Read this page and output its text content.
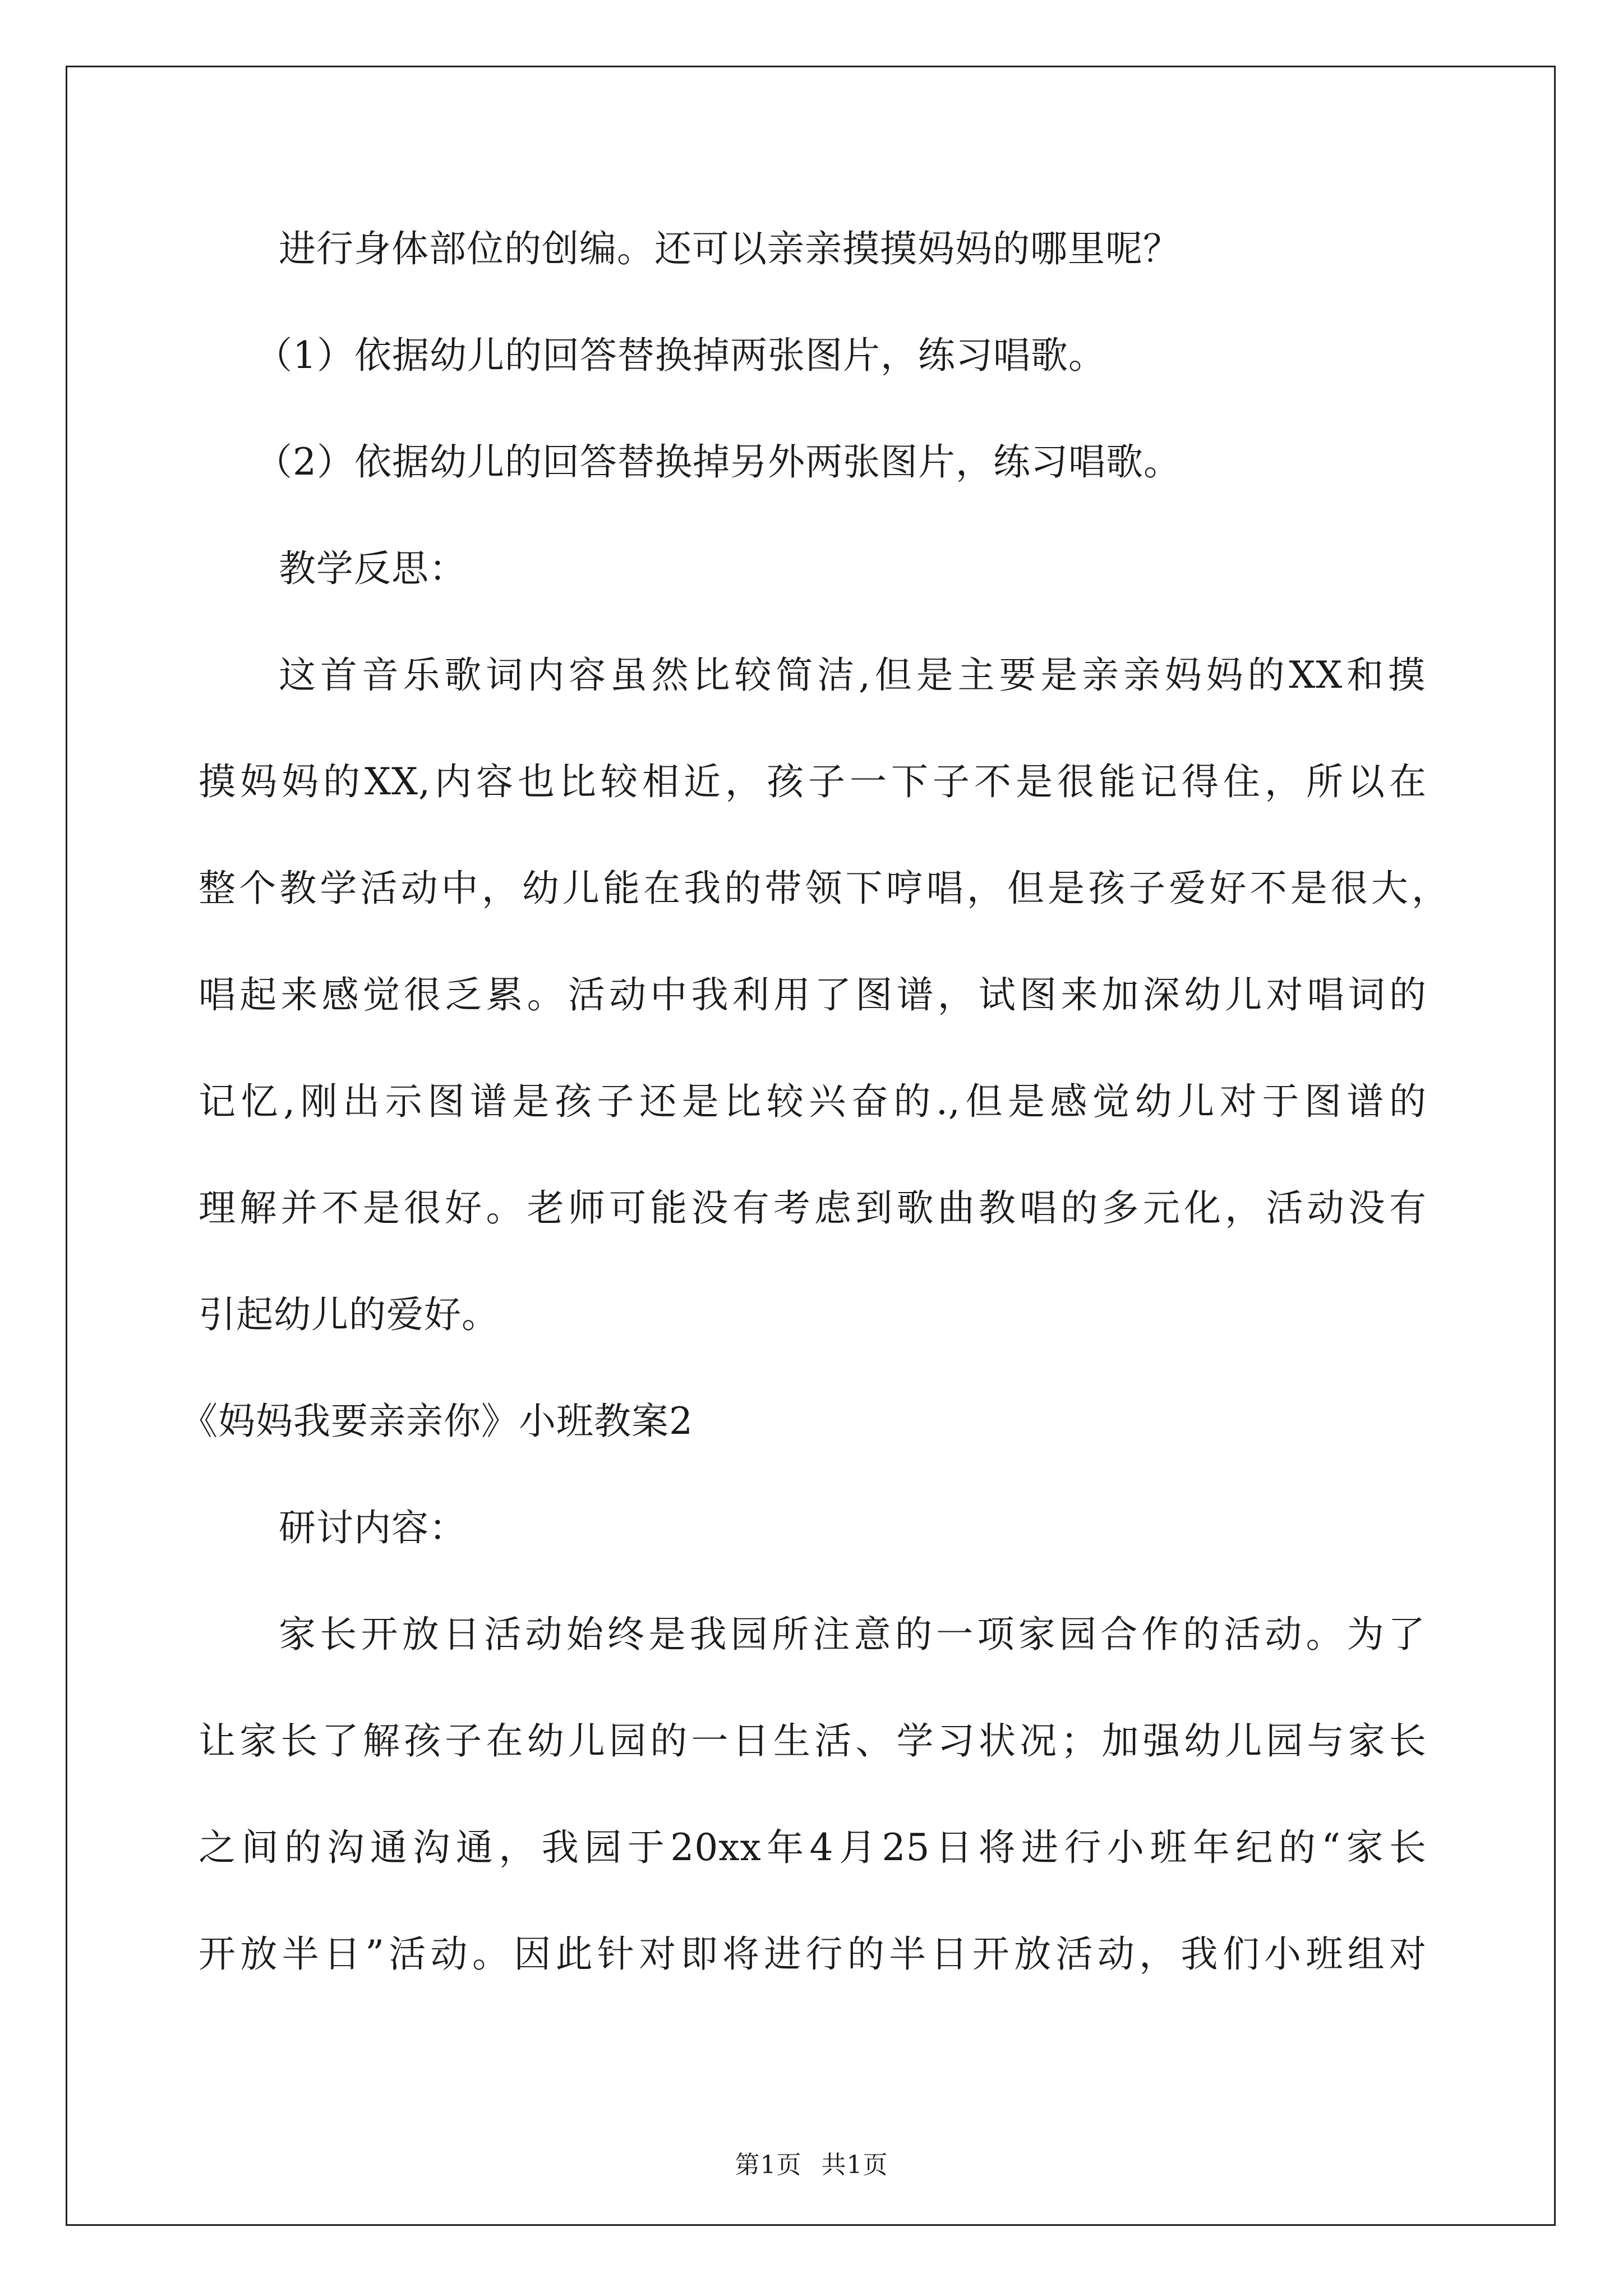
进行身体部位的创编。还可以亲亲摸摸妈妈的哪里呢？
（1）依据幼儿的回答替换掉两张图片，练习唱歌。
（2）依据幼儿的回答替换掉另外两张图片，练习唱歌。
教学反思：
这首音乐歌词内容虽然比较简洁,但是主要是亲亲妈妈的XX和摸
摸妈妈的XX,内容也比较相近，孩子一下子不是很能记得住，所以在
整个教学活动中，幼儿能在我的带领下哼唱，但是孩子爱好不是很大，
唱起来感觉很乏累。活动中我利用了图谱，试图来加深幼儿对唱词的
记忆,刚出示图谱是孩子还是比较兴奋的.,但是感觉幼儿对于图谱的
理解并不是很好。老师可能没有考虑到歌曲教唱的多元化，活动没有
引起幼儿的爱好。
《妈妈我要亲亲你》小班教案2
研讨内容：
家长开放日活动始终是我园所注意的一项家园合作的活动。为了
让家长了解孩子在幼儿园的一日生活、学习状况；加强幼儿园与家长
之间的沟通沟通，我园于20xx年4月25日将进行小班年纪的“家长
开放半日”活动。因此针对即将进行的半日开放活动，我们小班组对
第1页 共1页
